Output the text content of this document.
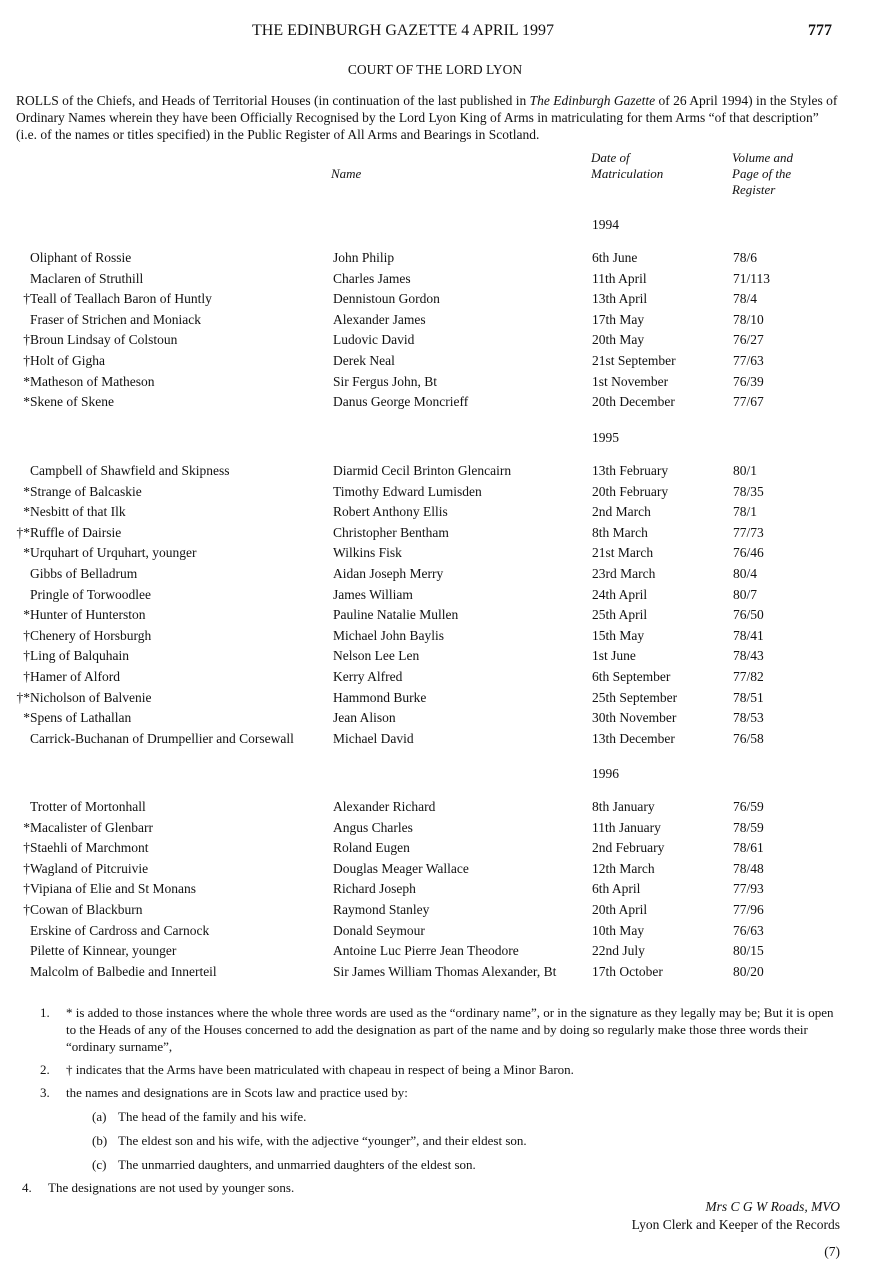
THE EDINBURGH GAZETTE 4 APRIL 1997	777
COURT OF THE LORD LYON
ROLLS of the Chiefs, and Heads of Territorial Houses (in continuation of the last published in The Edinburgh Gazette of 26 April 1994) in the Styles of Ordinary Names wherein they have been Officially Recognised by the Lord Lyon King of Arms in matriculating for them Arms “of that description” (i.e. of the names or titles specified) in the Public Register of All Arms and Bearings in Scotland.
Name
Date of
Matriculation
Volume and
Page of the
Register
1994
Oliphant of Rossie	John Philip	6th June	78/6
Maclaren of Struthill	Charles James	11th April	71/113
† Teall of Teallach Baron of Huntly	Dennistoun Gordon	13th April	78/4
Fraser of Strichen and Moniack	Alexander James	17th May	78/10
† Broun Lindsay of Colstoun	Ludovic David	20th May	76/27
† Holt of Gigha	Derek Neal	21st September	77/63
* Matheson of Matheson	Sir Fergus John, Bt	1st November	76/39
* Skene of Skene	Danus George Moncrieff	20th December	77/67
1995
Campbell of Shawfield and Skipness	Diarmid Cecil Brinton Glencairn	13th February	80/1
* Strange of Balcaskie	Timothy Edward Lumisden	20th February	78/35
* Nesbitt of that Ilk	Robert Anthony Ellis	2nd March	78/1
†* Ruffle of Dairsie	Christopher Bentham	8th March	77/73
* Urquhart of Urquhart, younger	Wilkins Fisk	21st March	76/46
Gibbs of Belladrum	Aidan Joseph Merry	23rd March	80/4
Pringle of Torwoodlee	James William	24th April	80/7
* Hunter of Hunterston	Pauline Natalie Mullen	25th April	76/50
† Chenery of Horsburgh	Michael John Baylis	15th May	78/41
† Ling of Balquhain	Nelson Lee Len	1st June	78/43
† Hamer of Alford	Kerry Alfred	6th September	77/82
†* Nicholson of Balvenie	Hammond Burke	25th September	78/51
* Spens of Lathallan	Jean Alison	30th November	78/53
Carrick-Buchanan of Drumpellier and Corsewall	Michael David	13th December	76/58
1996
Trotter of Mortonhall	Alexander Richard	8th January	76/59
* Macalister of Glenbarr	Angus Charles	11th January	78/59
† Staehli of Marchmont	Roland Eugen	2nd February	78/61
† Wagland of Pitcruivie	Douglas Meager Wallace	12th March	78/48
† Vipiana of Elie and St Monans	Richard Joseph	6th April	77/93
† Cowan of Blackburn	Raymond Stanley	20th April	77/96
Erskine of Cardross and Carnock	Donald Seymour	10th May	76/63
Pilette of Kinnear, younger	Antoine Luc Pierre Jean Theodore	22nd July	80/15
Malcolm of Balbedie and Innerteil	Sir James William Thomas Alexander, Bt	17th October	80/20
1. * is added to those instances where the whole three words are used as the “ordinary name”, or in the signature as they legally may be; But it is open to the Heads of any of the Houses concerned to add the designation as part of the name and by doing so regularly make those three words their “ordinary surname”,
2. † indicates that the Arms have been matriculated with chapeau in respect of being a Minor Baron.
3. the names and designations are in Scots law and practice used by:
(a) The head of the family and his wife.
(b) The eldest son and his wife, with the adjective “younger”, and their eldest son.
(c) The unmarried daughters, and unmarried daughters of the eldest son.
4. The designations are not used by younger sons.
Mrs C G W Roads, MVO
Lyon Clerk and Keeper of the Records
(7)
